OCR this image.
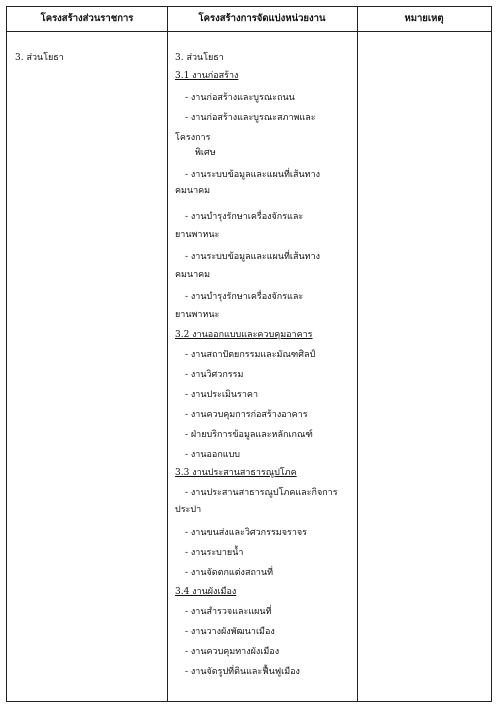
โครงสร้างส่วนราชการ	โครงสร้างการจัดแบ่งหน่วยงาน	หมายเหตุ
3. ส่วนโยธา	3. ส่วนโยธา
3.1 งานก่อสร้าง
- งานก่อสร้างและบูรณะถนน
- งานก่อสร้างและบูรณะสภาพและ
โครงการ
พิเศษ
- งานระบบข้อมูลและแผนที่เส้นทาง
คมนาคม
- งานบำรุงรักษาเครื่องจักรและ
ยานพาหนะ
- งานระบบข้อมูลและแผนที่เส้นทาง
คมนาคม
- งานบำรุงรักษาเครื่องจักรและ
ยานพาหนะ
3.2 งานออกแบบและควบคุมอาคาร
- งานสถาปัตยกรรมและมัณฑศิลป์
- งานวิศวกรรม
- งานประเมินราคา
- งานควบคุมการก่อสร้างอาคาร
- ฝ่ายบริการข้อมูลและหลักเกณฑ์
- งานออกแบบ
3.3 งานประสานสาธารณูปโภค
- งานประสานสาธารณูปโภคและกิจการ
ประปา
- งานขนส่งและวิศวกรรมจราจร
- งานระบายน้ำ
- งานจัดตกแต่งสถานที่
3.4 งานผังเมือง
- งานสำรวจและแผนที่
- งานวางผังพัฒนาเมือง
- งานควบคุมทางผังเมือง
- งานจัดรูปที่ดินและฟื้นฟูเมือง
